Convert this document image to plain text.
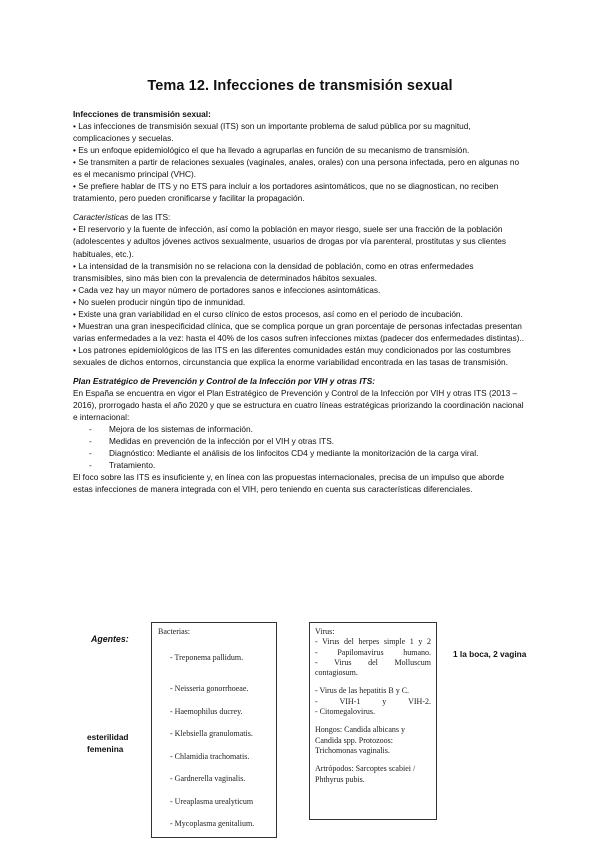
Tema 12. Infecciones de transmisión sexual

Infecciones de transmisión sexual:

• Las infecciones de transmisión sexual (ITS) son un importante problema de salud pública por su magnitud, complicaciones y secuelas.

• Es un enfoque epidemiológico el que ha llevado a agruparlas en función de su mecanismo de transmisión.

• Se transmiten a partir de relaciones sexuales (vaginales, anales, orales) con una persona infectada, pero en algunas no es el mecanismo principal (VHC).

• Se prefiere hablar de ITS y no ETS para incluir a los portadores asintomáticos, que no se diagnostican, no reciben tratamiento, pero pueden cronificarse y facilitar la propagación.

Características de las ITS:

• El reservorio y la fuente de infección, así como la población en mayor riesgo, suele ser una fracción de la población (adolescentes y adultos jóvenes activos sexualmente, usuarios de drogas por vía parenteral, prostitutas y sus clientes habituales, etc.).

• La intensidad de la transmisión no se relaciona con la densidad de población, como en otras enfermedades transmisibles, sino más bien con la prevalencia de determinados hábitos sexuales.

• Cada vez hay un mayor número de portadores sanos e infecciones asintomáticas.

• No suelen producir ningún tipo de inmunidad.

• Existe una gran variabilidad en el curso clínico de estos procesos, así como en el periodo de incubación.

• Muestran una gran inespecificidad clínica, que se complica porque un gran porcentaje de personas infectadas presentan varias enfermedades a la vez: hasta el 40% de los casos sufren infecciones mixtas (padecer dos enfermedades distintas)..

• Los patrones epidemiológicos de las ITS en las diferentes comunidades están muy condicionados por las costumbres sexuales de dichos entornos, circunstancia que explica la enorme variabilidad encontrada en las tasas de transmisión.

Plan Estratégico de Prevención y Control de la Infección por VIH y otras ITS:

En España se encuentra en vigor el Plan Estratégico de Prevención y Control de la Infección por VIH y otras ITS (2013 – 2016), prorrogado hasta el año 2020 y que se estructura en cuatro líneas estratégicas priorizando la coordinación nacional e internacional:

- Mejora de los sistemas de información.
- Medidas en prevención de la infección por el VIH y otras ITS.
- Diagnóstico: Mediante el análisis de los linfocitos CD4 y mediante la monitorización de la carga viral.
- Tratamiento.

El foco sobre las ITS es insuficiente y, en línea con las propuestas internacionales, precisa de un impulso que aborde estas infecciones de manera integrada con el VIH, pero teniendo en cuenta sus características diferenciales.

Agentes:
esterilidad femenina
Bacterias:
- Treponema pallidum.
- Neisseria gonorrhoeae.
- Haemophilus ducrey.
- Klebsiella granulomatis.
- Chlamidia trachomatis.
- Gardnerella vaginalis.
- Ureaplasma urealyticum
- Mycoplasma genitalium.

Virus:

- Virus del herpes simple 1 y 2

- Papilomavirus humano.

- Virus del Molluscum contagiosum.

- Virus de las hepatitis B y C.

- VIH-1 y VIH-2.

- Citomegalovirus.

Hongos: Candida albicans y Candida spp. Protozoos: Trichomonas vaginalis.

Artrópodos: Sarcoptes scabiei / Phthyrus pubis.

1 la boca, 2 vagina
